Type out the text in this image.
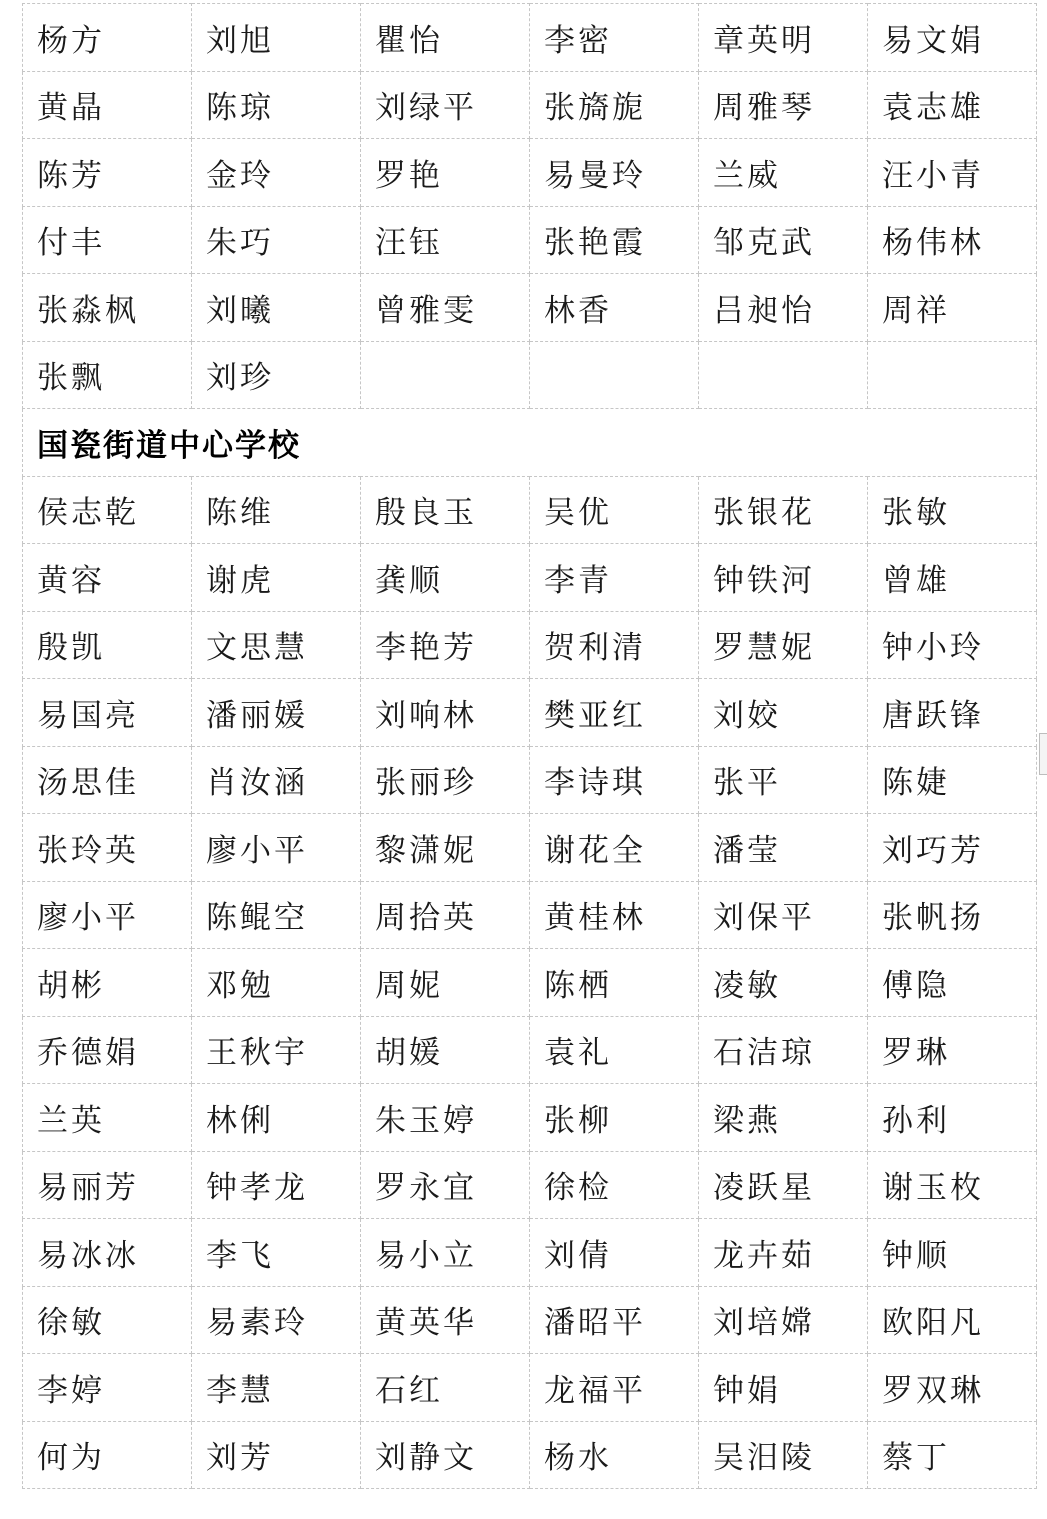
杨方	刘旭	瞿怡	李密	章英明	易文娟
黄晶	陈琼	刘绿平	张旖旎	周雅琴	袁志雄
陈芳	金玲	罗艳	易曼玲	兰威	汪小青
付丰	朱巧	汪钰	张艳霞	邹克武	杨伟林
张淼枫	刘曦	曾雅雯	林香	吕昶怡	周祥
张飘	刘珍				
国瓷街道中心学校					
侯志乾	陈维	殷良玉	吴优	张银花	张敏
黄容	谢虎	龚顺	李青	钟铁河	曾雄
殷凯	文思慧	李艳芳	贺利清	罗慧妮	钟小玲
易国亮	潘丽媛	刘响林	樊亚红	刘姣	唐跃锋
汤思佳	肖汝涵	张丽珍	李诗琪	张平	陈婕
张玲英	廖小平	黎潇妮	谢花全	潘莹	刘巧芳
廖小平	陈鲲空	周拾英	黄桂林	刘保平	张帆扬
胡彬	邓勉	周妮	陈栖	凌敏	傅隐
乔德娟	王秋宇	胡媛	袁礼	石洁琼	罗琳
兰英	林俐	朱玉婷	张柳	梁燕	孙利
易丽芳	钟孝龙	罗永宜	徐检	凌跃星	谢玉枚
易冰冰	李飞	易小立	刘倩	龙卉茹	钟顺
徐敏	易素玲	黄英华	潘昭平	刘培嫦	欧阳凡
李婷	李慧	石红	龙福平	钟娟	罗双琳
何为	刘芳	刘静文	杨水	吴汨陵	蔡丁
